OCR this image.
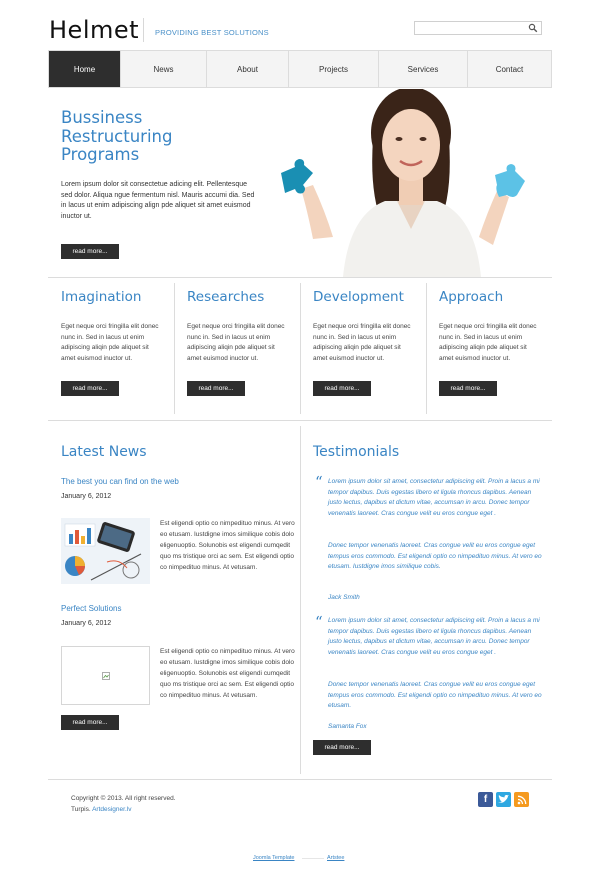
Helmet PROVIDING BEST SOLUTIONS
Home	News	About	Projects	Services	Contact
Bussiness
Restructuring
Programs
Lorem ipsum dolor sit consectetue adicing elit. Pellentesque sed dolor. Aliqua ngue fermentum nisl. Mauris accumi dia. Sed in lacus ut enim adipiscing align pde aliquet sit amet euismod inuctor ut.
read more...
Imagination
Eget neque orci fringilla elit donec nunc in. Sed in lacus ut enim adipiscing aliqin pde aliquet sit amet euismod inuctor ut.
read more...
Researches
Eget neque orci fringilla elit donec nunc in. Sed in lacus ut enim adipiscing aliqin pde aliquet sit amet euismod inuctor ut.
read more...
Development
Eget neque orci fringilla elit donec nunc in. Sed in lacus ut enim adipiscing aliqin pde aliquet sit amet euismod inuctor ut.
read more...
Approach
Eget neque orci fringilla elit donec nunc in. Sed in lacus ut enim adipiscing aliqin pde aliquet sit amet euismod inuctor ut.
read more...
Latest News
The best you can find on the web
January 6, 2012
Est eligendi optio co nimpedituo minus. At vero eo etusam. Iustdigne imos similique cobis dolo eligenuoptio. Solunobis est eligendi cumqedit quo ms tristique orci ac sem. Est eligendi optio co nimpedituo minus. At vetusam.
Perfect Solutions
January 6, 2012
Est eligendi optio co nimpedituo minus. At vero eo etusam. Iustdigne imos similique cobis dolo eligenuoptio. Solunobis est eligendi cumqedit quo ms tristique orci ac sem. Est eligendi optio co nimpedituo minus. At vetusam.
read more...
Testimonials
“ Lorem ipsum dolor sit amet, consectetur adipiscing elit. Proin a lacus a mi tempor dapibus. Duis egestas libero et ligula rhoncus dapibus. Aenean justo lectus, dapibus et dictum vitae, accumsan in arcu. Donec tempor venenatis laoreet. Cras congue velit eu eros congue eget .
Donec tempor venenatis laoreet. Cras congue velit eu eros congue eget tempus eros commodo. Est eligendi optio co nimpedituo minus. At vero eo etusam. Iustdigne imos similique cobis.
Jack Smith
“ Lorem ipsum dolor sit amet, consectetur adipiscing elit. Proin a lacus a mi tempor dapibus. Duis egestas libero et ligula rhoncus dapibus. Aenean justo lectus, dapibus et dictum vitae, accumsan in arcu. Donec tempor venenatis laoreet. Cras congue velit eu eros congue eget .
Donec tempor venenatis laoreet. Cras congue velit eu eros congue eget tempus eros commodo. Est eligendi optio co nimpedituo minus. At vero eo etusam.
Samanta Fox
read more...
Copyright © 2013. All right reserved.
Turpis. Artdesigner.lv
f
Joomla Template	Artstee
